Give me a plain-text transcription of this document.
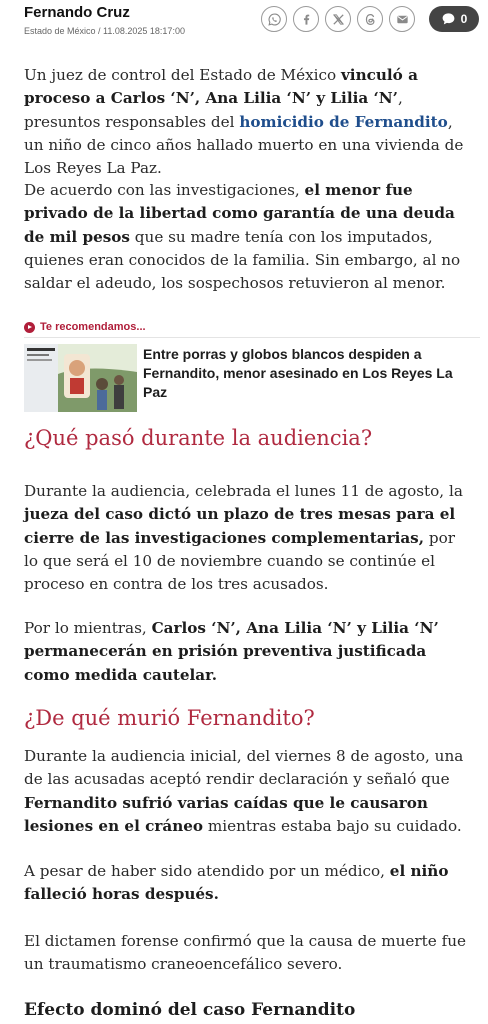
Fernando Cruz
Estado de México / 11.08.2025 18:17:00
0

Un juez de control del Estado de México vinculó a proceso a Carlos ‘N’, Ana Lilia ‘N’ y Lilia ‘N’, presuntos responsables del homicidio de Fernandito, un niño de cinco años hallado muerto en una vivienda de Los Reyes La Paz.

De acuerdo con las investigaciones, el menor fue privado de la libertad como garantía de una deuda de mil pesos que su madre tenía con los imputados, quienes eran conocidos de la familia. Sin embargo, al no saldar el adeudo, los sospechosos retuvieron al menor.

Te recomendamos...
Entre porras y globos blancos despiden a Fernandito, menor asesinado en Los Reyes La Paz
¿Qué pasó durante la audiencia?

Durante la audiencia, celebrada el lunes 11 de agosto, la jueza del caso dictó un plazo de tres mesas para el cierre de las investigaciones complementarias, por lo que será el 10 de noviembre cuando se continúe el proceso en contra de los tres acusados.

Por lo mientras, Carlos ‘N’, Ana Lilia ‘N’ y Lilia ‘N’ permanecerán en prisión preventiva justificada como medida cautelar.

¿De qué murió Fernandito?

Durante la audiencia inicial, del viernes 8 de agosto, una de las acusadas aceptó rendir declaración y señaló que Fernandito sufrió varias caídas que le causaron lesiones en el cráneo mientras estaba bajo su cuidado.

A pesar de haber sido atendido por un médico, el niño falleció horas después.

El dictamen forense confirmó que la causa de muerte fue un traumatismo craneoencefálico severo.

Efecto dominó del caso Fernandito
